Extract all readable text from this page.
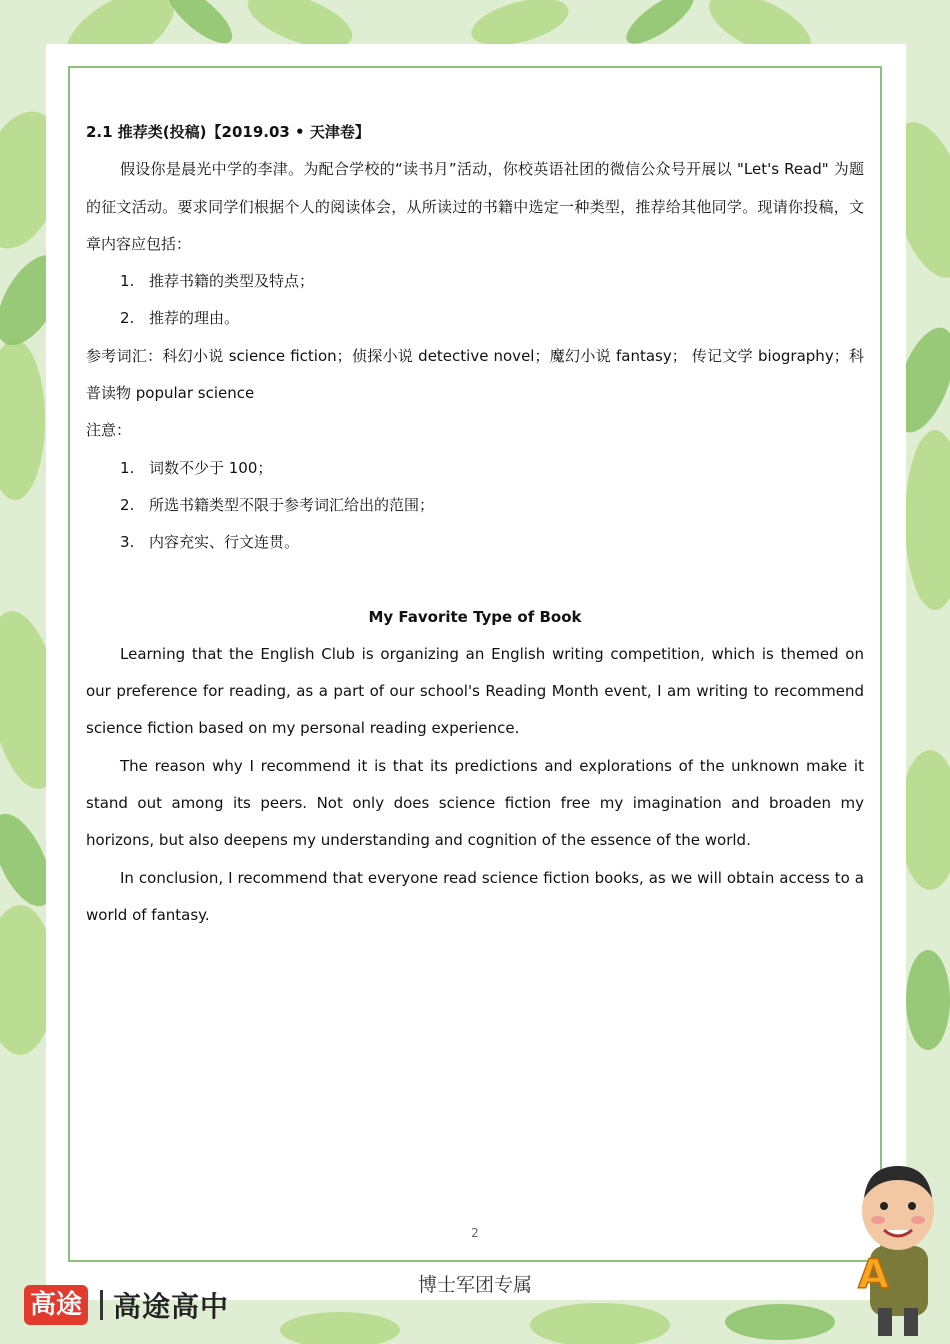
2.1 推荐类(投稿)【2019.03 • 天津卷】

假设你是晨光中学的李津。为配合学校的“读书月”活动，你校英语社团的微信公众号开展以 "Let's Read" 为题的征文活动。要求同学们根据个人的阅读体会，从所读过的书籍中选定一种类型，推荐给其他同学。现请你投稿，文章内容应包括：

1. 推荐书籍的类型及特点；

2. 推荐的理由。

参考词汇：科幻小说 science fiction；侦探小说 detective novel；魔幻小说 fantasy； 传记文学 biography；科普读物 popular science

注意：

1. 词数不少于 100；

2. 所选书籍类型不限于参考词汇给出的范围；

3. 内容充实、行文连贯。

My Favorite Type of Book

Learning that the English Club is organizing an English writing competition, which is themed on our preference for reading, as a part of our school's Reading Month event, I am writing to recommend science fiction based on my personal reading experience.

The reason why I recommend it is that its predictions and explorations of the unknown make it stand out among its peers. Not only does science fiction free my imagination and broaden my horizons, but also deepens my understanding and cognition of the essence of the world.

In conclusion, I recommend that everyone read science fiction books, as we will obtain access to a world of fantasy.

2
博士军团专属
高途 高途高中
A
